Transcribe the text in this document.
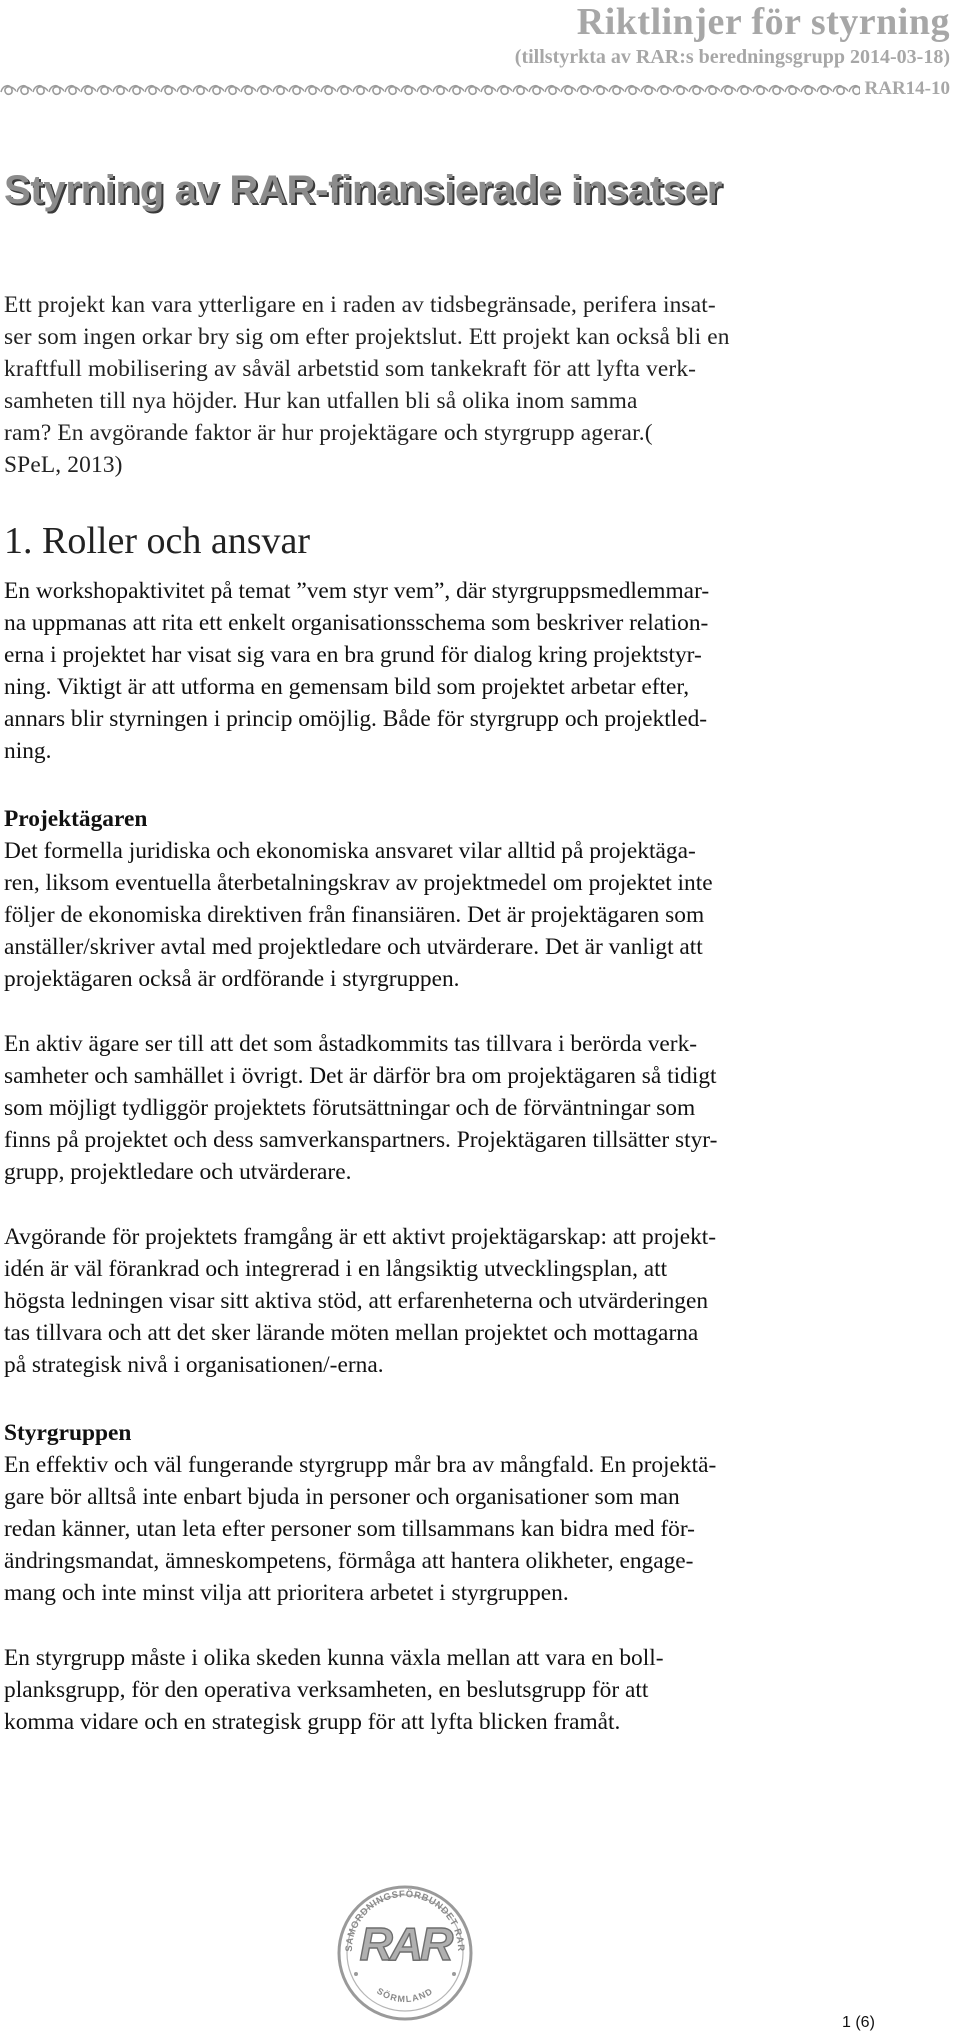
Riktlinjer för styrning
(tillstyrkta av RAR:s beredningsgrupp 2014-03-18)
RAR14-10
Styrning av RAR-finansierade insatser

Ett projekt kan vara ytterligare en i raden av tidsbegränsade, perifera insat-
ser som ingen orkar bry sig om efter projektslut. Ett projekt kan också bli en
kraftfull mobilisering av såväl arbetstid som tankekraft för att lyfta verk-
samheten till nya höjder. Hur kan utfallen bli så olika inom samma
ram? En avgörande faktor är hur projektägare och styrgrupp agerar.(
SPeL, 2013)

1. Roller och ansvar

En workshopaktivitet på temat ”vem styr vem”, där styrgruppsmedlemmar-
na uppmanas att rita ett enkelt organisationsschema som beskriver relation-
erna i projektet har visat sig vara en bra grund för dialog kring projektstyr-
ning. Viktigt är att utforma en gemensam bild som projektet arbetar efter,
annars blir styrningen i princip omöjlig. Både för styrgrupp och projektled-
ning.

Projektägaren

Det formella juridiska och ekonomiska ansvaret vilar alltid på projektäga-
ren, liksom eventuella återbetalningskrav av projektmedel om projektet inte
följer de ekonomiska direktiven från finansiären. Det är projektägaren som
anställer/skriver avtal med projektledare och utvärderare. Det är vanligt att
projektägaren också är ordförande i styrgruppen.

En aktiv ägare ser till att det som åstadkommits tas tillvara i berörda verk-
samheter och samhället i övrigt. Det är därför bra om projektägaren så tidigt
som möjligt tydliggör projektets förutsättningar och de förväntningar som
finns på projektet och dess samverkanspartners. Projektägaren tillsätter styr-
grupp, projektledare och utvärderare.

Avgörande för projektets framgång är ett aktivt projektägarskap: att projekt-
idén är väl förankrad och integrerad i en långsiktig utvecklingsplan, att
högsta ledningen visar sitt aktiva stöd, att erfarenheterna och utvärderingen
tas tillvara och att det sker lärande möten mellan projektet och mottagarna
på strategisk nivå i organisationen/-erna.

Styrgruppen

En effektiv och väl fungerande styrgrupp mår bra av mångfald. En projektä-
gare bör alltså inte enbart bjuda in personer och organisationer som man
redan känner, utan leta efter personer som tillsammans kan bidra med för-
ändringsmandat, ämneskompetens, förmåga att hantera olikheter, engage-
mang och inte minst vilja att prioritera arbetet i styrgruppen.

En styrgrupp måste i olika skeden kunna växla mellan att vara en boll-
planksgrupp, för den operativa verksamheten, en beslutsgrupp för att
komma vidare och en strategisk grupp för att lyfta blicken framåt.

SAMORDNINGSFÖRBUNDET RAR
RAR
SÖRMLAND
1 (6)
